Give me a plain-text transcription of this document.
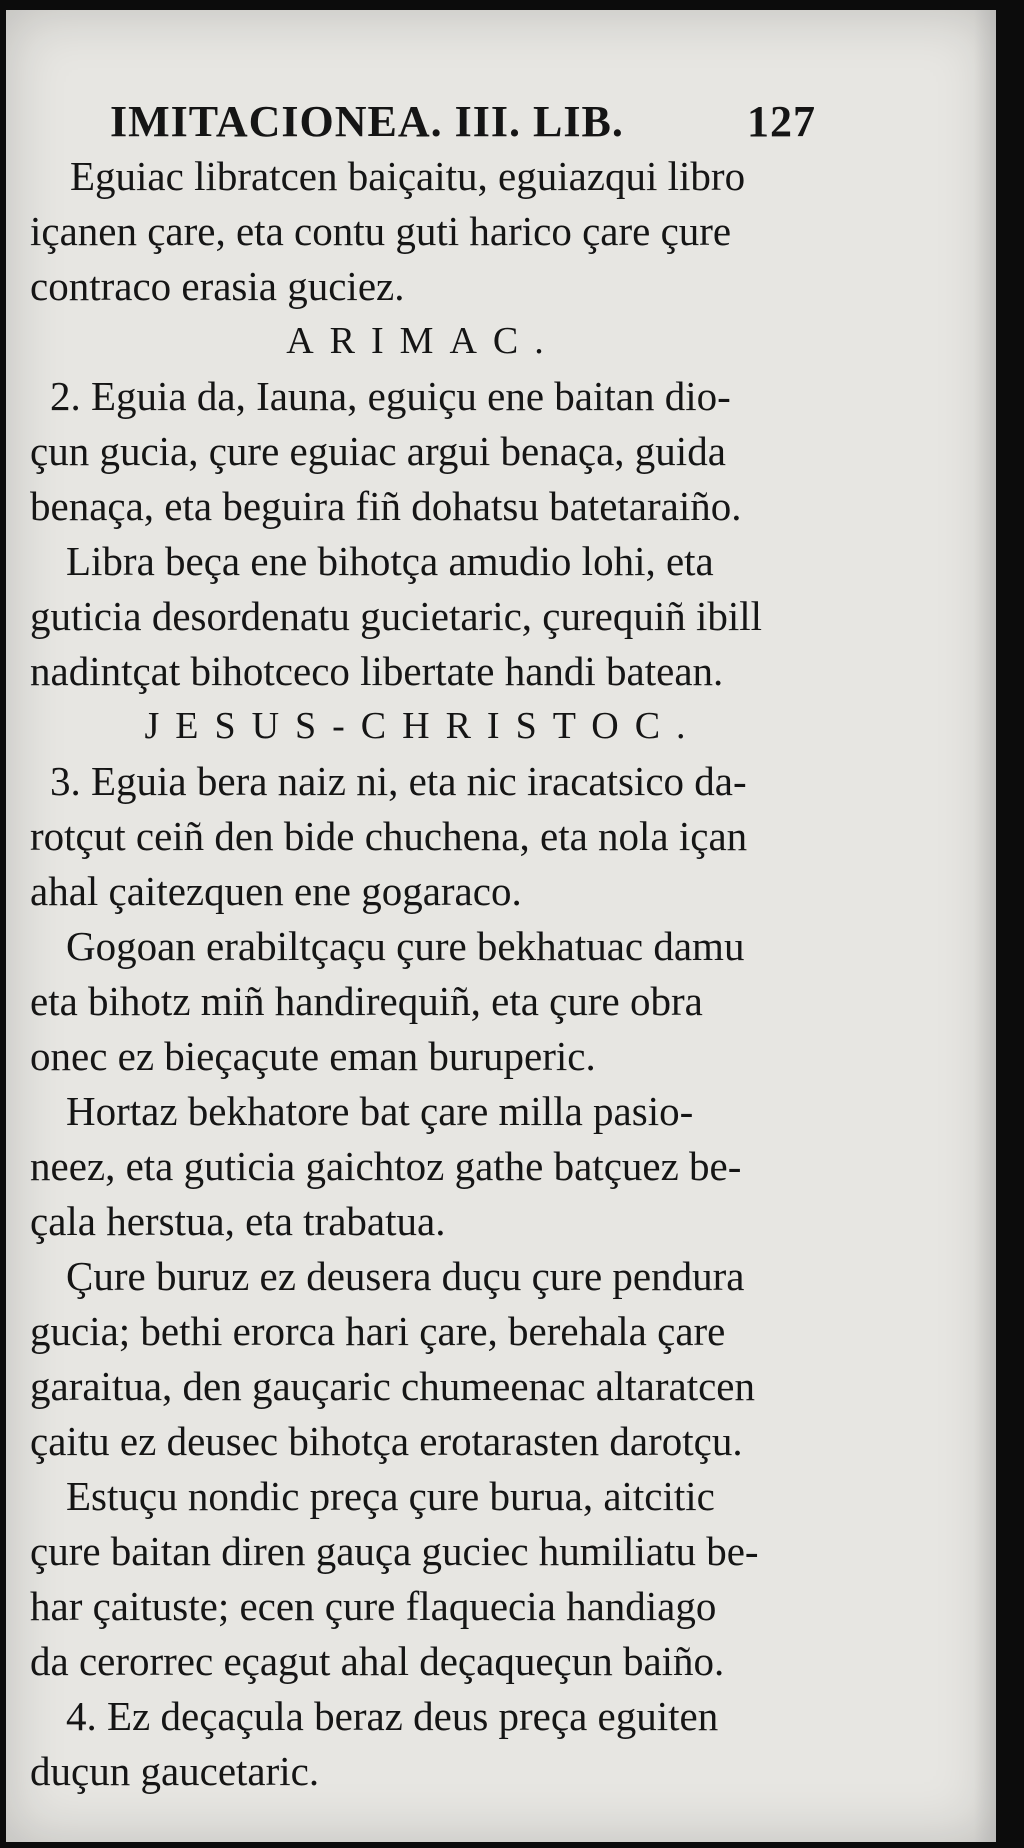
IMITACIONEA. III. LIB.	127
Eguiac libratcen baiçaitu, eguiazqui libro
içanen çare, eta contu guti harico çare çure
contraco erasia guciez.
ARIMAC.
2. Eguia da, Iauna, eguiçu ene baitan dio-
çun gucia, çure eguiac argui benaça, guida
benaça, eta beguira fiñ dohatsu batetaraiño.
Libra beça ene bihotça amudio lohi, eta
guticia desordenatu gucietaric, çurequiñ ibill
nadintçat bihotceco libertate handi batean.
JESUS-CHRISTOC.
3. Eguia bera naiz ni, eta nic iracatsico da-
rotçut ceiñ den bide chuchena, eta nola içan
ahal çaitezquen ene gogaraco.
Gogoan erabiltçaçu çure bekhatuac damu
eta bihotz miñ handirequiñ, eta çure obra
onec ez bieçaçute eman buruperic.
Hortaz bekhatore bat çare milla pasio-
neez, eta guticia gaichtoz gathe batçuez be-
çala herstua, eta trabatua.
Çure buruz ez deusera duçu çure pendura
gucia; bethi erorca hari çare, berehala çare
garaitua, den gauçaric chumeenac altaratcen
çaitu ez deusec bihotça erotarasten darotçu.
Estuçu nondic preça çure burua, aitcitic
çure baitan diren gauça guciec humiliatu be-
har çaituste; ecen çure flaquecia handiago
da cerorrec eçagut ahal deçaqueçun baiño.
4. Ez deçaçula beraz deus preça eguiten
duçun gaucetaric.
